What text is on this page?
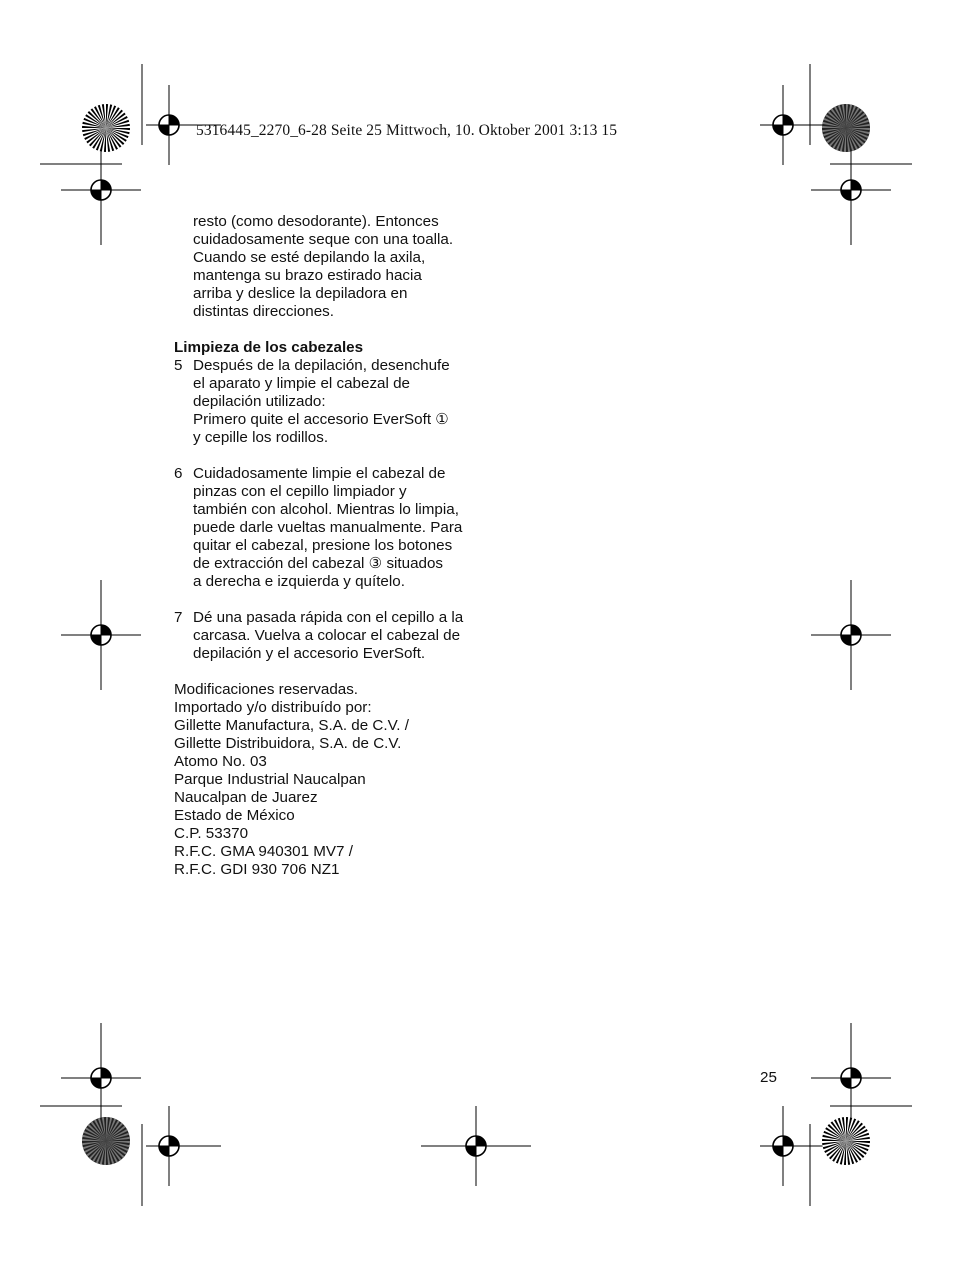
5316445_2270_6-28 Seite 25 Mittwoch, 10. Oktober 2001 3:13 15
resto (como desodorante). Entonces
cuidadosamente seque con una toalla.
Cuando se esté depilando la axila,
mantenga su brazo estirado hacia
arriba y deslice la depiladora en
distintas direcciones.
Limpieza de los cabezales
5 Después de la depilación, desenchufe
el aparato y limpie el cabezal de
depilación utilizado:
Primero quite el accesorio EverSoft ①
y cepille los rodillos.
6 Cuidadosamente limpie el cabezal de
pinzas con el cepillo limpiador y
también con alcohol. Mientras lo limpia,
puede darle vueltas manualmente. Para
quitar el cabezal, presione los botones
de extracción del cabezal ③ situados
a derecha e izquierda y quítelo.
7 Dé una pasada rápida con el cepillo a la
carcasa. Vuelva a colocar el cabezal de
depilación y el accesorio EverSoft.
Modificaciones reservadas.
Importado y/o distribuído por:
Gillette Manufactura, S.A. de C.V. /
Gillette Distribuidora, S.A. de C.V.
Atomo No. 03
Parque Industrial Naucalpan
Naucalpan de Juarez
Estado de México
C.P. 53370
R.F.C. GMA 940301 MV7 /
R.F.C. GDI 930 706 NZ1
25
